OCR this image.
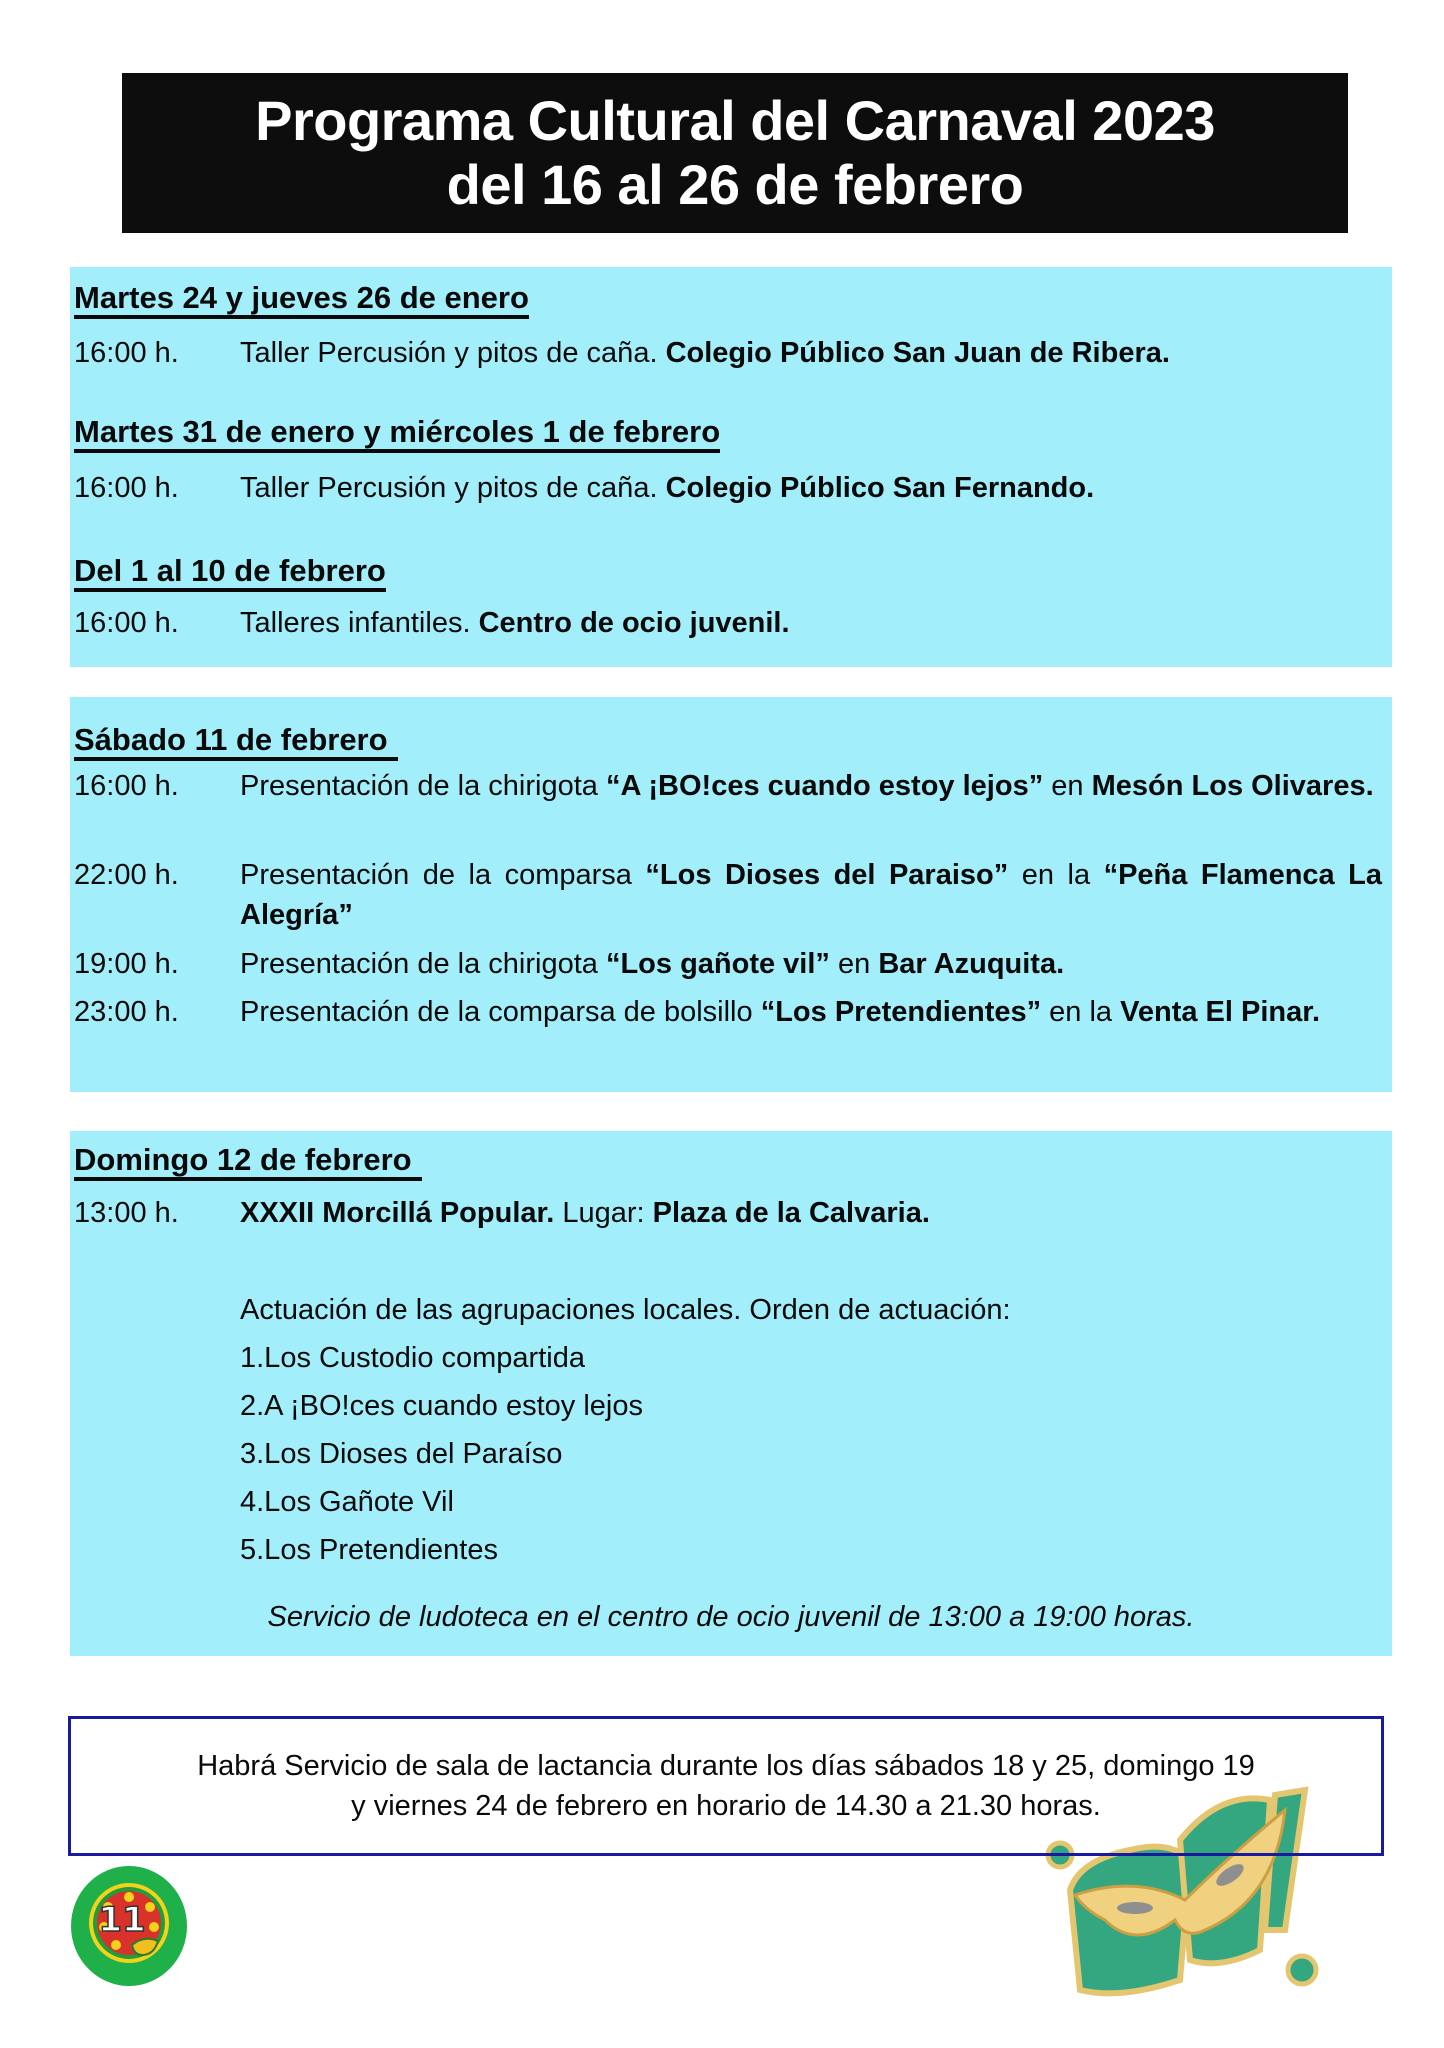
Programa Cultural del Carnaval 2023
del 16 al 26 de febrero
Martes 24 y jueves 26 de enero
16:00 h.	Taller Percusión y pitos de caña. Colegio Público San Juan de Ribera.
Martes 31 de enero y miércoles 1 de febrero
16:00 h.	Taller Percusión y pitos de caña. Colegio Público San Fernando.
Del 1 al 10 de febrero
16:00 h.	Talleres infantiles. Centro de ocio juvenil.
Sábado 11 de febrero
16:00 h.	Presentación de la chirigota “A ¡BO!ces cuando estoy lejos” en Mesón Los Olivares.
22:00 h.	Presentación de la comparsa “Los Dioses del Paraiso” en la “Peña Flamenca La Alegría”
19:00 h.	Presentación de la chirigota “Los gañote vil” en Bar Azuquita.
23:00 h.	Presentación de la comparsa de bolsillo “Los Pretendientes” en la Venta El Pinar.
Domingo 12 de febrero
13:00 h.	XXXII Morcillá Popular. Lugar: Plaza de la Calvaria.
Actuación de las agrupaciones locales. Orden de actuación:
1.Los Custodio compartida
2.A ¡BO!ces cuando estoy lejos
3.Los Dioses del Paraíso
4.Los Gañote Vil
5.Los Pretendientes
Servicio de ludoteca en el centro de ocio juvenil de 13:00 a 19:00 horas.
Habrá Servicio de sala de lactancia durante los días sábados 18 y 25, domingo 19
y viernes 24 de febrero en horario de 14.30 a 21.30 horas.
11
¡BO!
